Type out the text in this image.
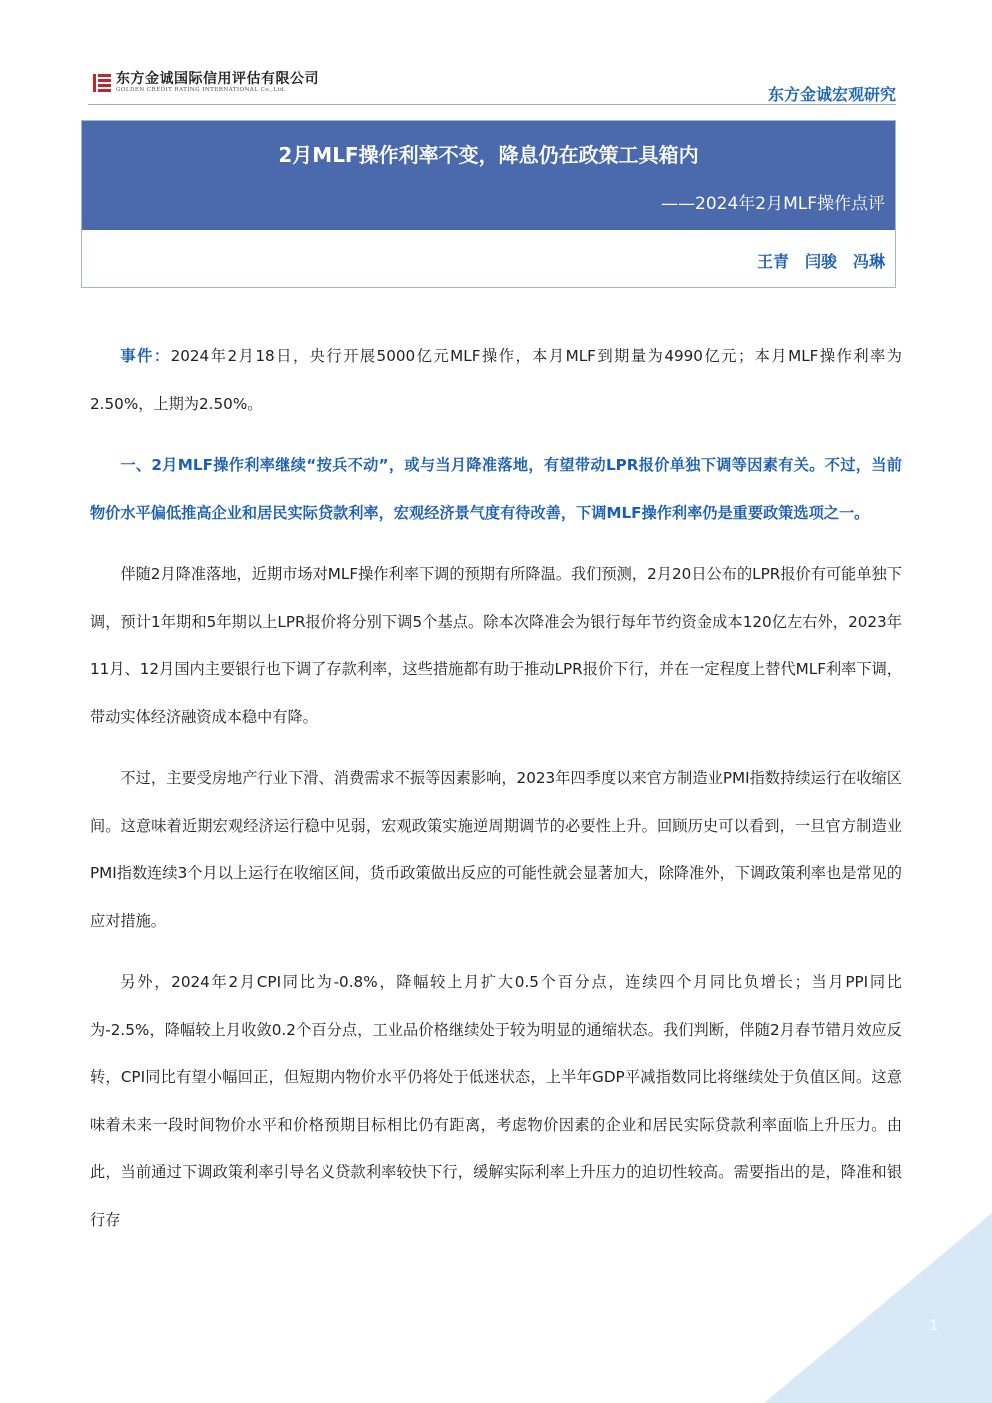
东方金诚国际信用评估有限公司
GOLDEN CREDIT RATING INTERNATIONAL Co.,Ltd.	东方金诚宏观研究
2月MLF操作利率不变，降息仍在政策工具箱内
——2024年2月MLF操作点评
王青　闫骏　冯琳

事件：2024年2月18日，央行开展5000亿元MLF操作，本月MLF到期量为4990亿元；本月MLF操作利率为2.50%，上期为2.50%。

一、2月MLF操作利率继续“按兵不动”，或与当月降准落地，有望带动LPR报价单独下调等因素有关。不过，当前物价水平偏低推高企业和居民实际贷款利率，宏观经济景气度有待改善，下调MLF操作利率仍是重要政策选项之一。

伴随2月降准落地，近期市场对MLF操作利率下调的预期有所降温。我们预测，2月20日公布的LPR报价有可能单独下调，预计1年期和5年期以上LPR报价将分别下调5个基点。除本次降准会为银行每年节约资金成本120亿左右外，2023年11月、12月国内主要银行也下调了存款利率，这些措施都有助于推动LPR报价下行，并在一定程度上替代MLF利率下调，带动实体经济融资成本稳中有降。

不过，主要受房地产行业下滑、消费需求不振等因素影响，2023年四季度以来官方制造业PMI指数持续运行在收缩区间。这意味着近期宏观经济运行稳中见弱，宏观政策实施逆周期调节的必要性上升。回顾历史可以看到，一旦官方制造业PMI指数连续3个月以上运行在收缩区间，货币政策做出反应的可能性就会显著加大，除降准外，下调政策利率也是常见的应对措施。

另外，2024年2月CPI同比为-0.8%，降幅较上月扩大0.5个百分点，连续四个月同比负增长；当月PPI同比为-2.5%，降幅较上月收敛0.2个百分点，工业品价格继续处于较为明显的通缩状态。我们判断，伴随2月春节错月效应反转，CPI同比有望小幅回正，但短期内物价水平仍将处于低迷状态，上半年GDP平减指数同比将继续处于负值区间。这意味着未来一段时间物价水平和价格预期目标相比仍有距离，考虑物价因素的企业和居民实际贷款利率面临上升压力。由此，当前通过下调政策利率引导名义贷款利率较快下行，缓解实际利率上升压力的迫切性较高。需要指出的是，降准和银行存

1
